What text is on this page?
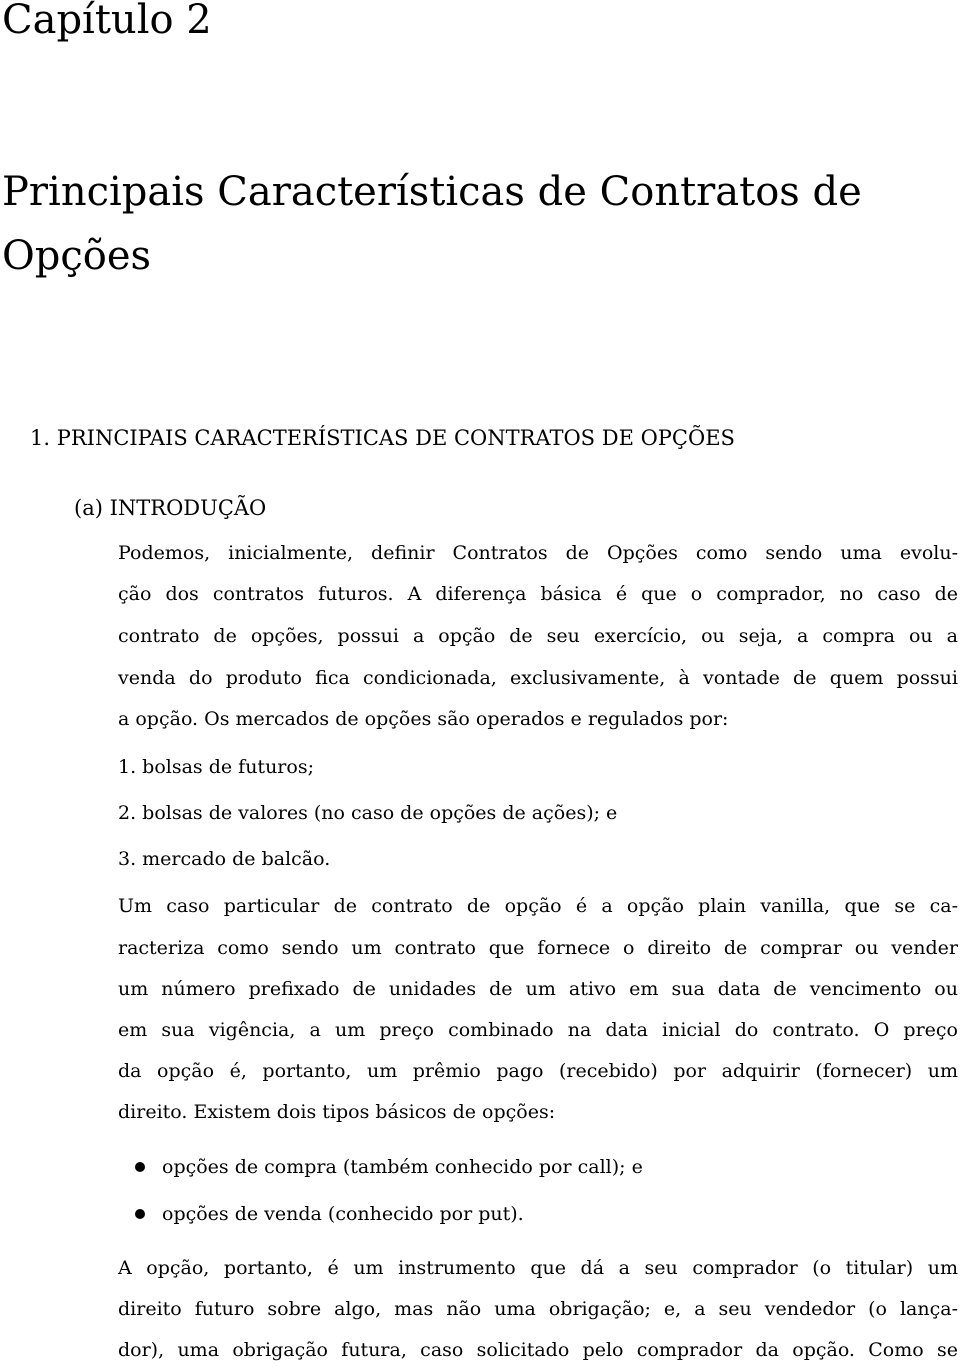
Capítulo 2
Principais Características de Contratos de Opções
1. PRINCIPAIS CARACTERÍSTICAS DE CONTRATOS DE OPÇÕES
(a) INTRODUÇÃO
Podemos, inicialmente, definir Contratos de Opções como sendo uma evolu-
ção dos contratos futuros. A diferença básica é que o comprador, no caso de
contrato de opções, possui a opção de seu exercício, ou seja, a compra ou a
venda do produto fica condicionada, exclusivamente, à vontade de quem possui
a opção. Os mercados de opções são operados e regulados por:
1. bolsas de futuros;
2. bolsas de valores (no caso de opções de ações); e
3. mercado de balcão.
Um caso particular de contrato de opção é a opção plain vanilla, que se ca-
racteriza como sendo um contrato que fornece o direito de comprar ou vender
um número prefixado de unidades de um ativo em sua data de vencimento ou
em sua vigência, a um preço combinado na data inicial do contrato. O preço
da opção é, portanto, um prêmio pago (recebido) por adquirir (fornecer) um
direito. Existem dois tipos básicos de opções:
opções de compra (também conhecido por call); e
opções de venda (conhecido por put).
A opção, portanto, é um instrumento que dá a seu comprador (o titular) um
direito futuro sobre algo, mas não uma obrigação; e, a seu vendedor (o lança-
dor), uma obrigação futura, caso solicitado pelo comprador da opção. Como se
